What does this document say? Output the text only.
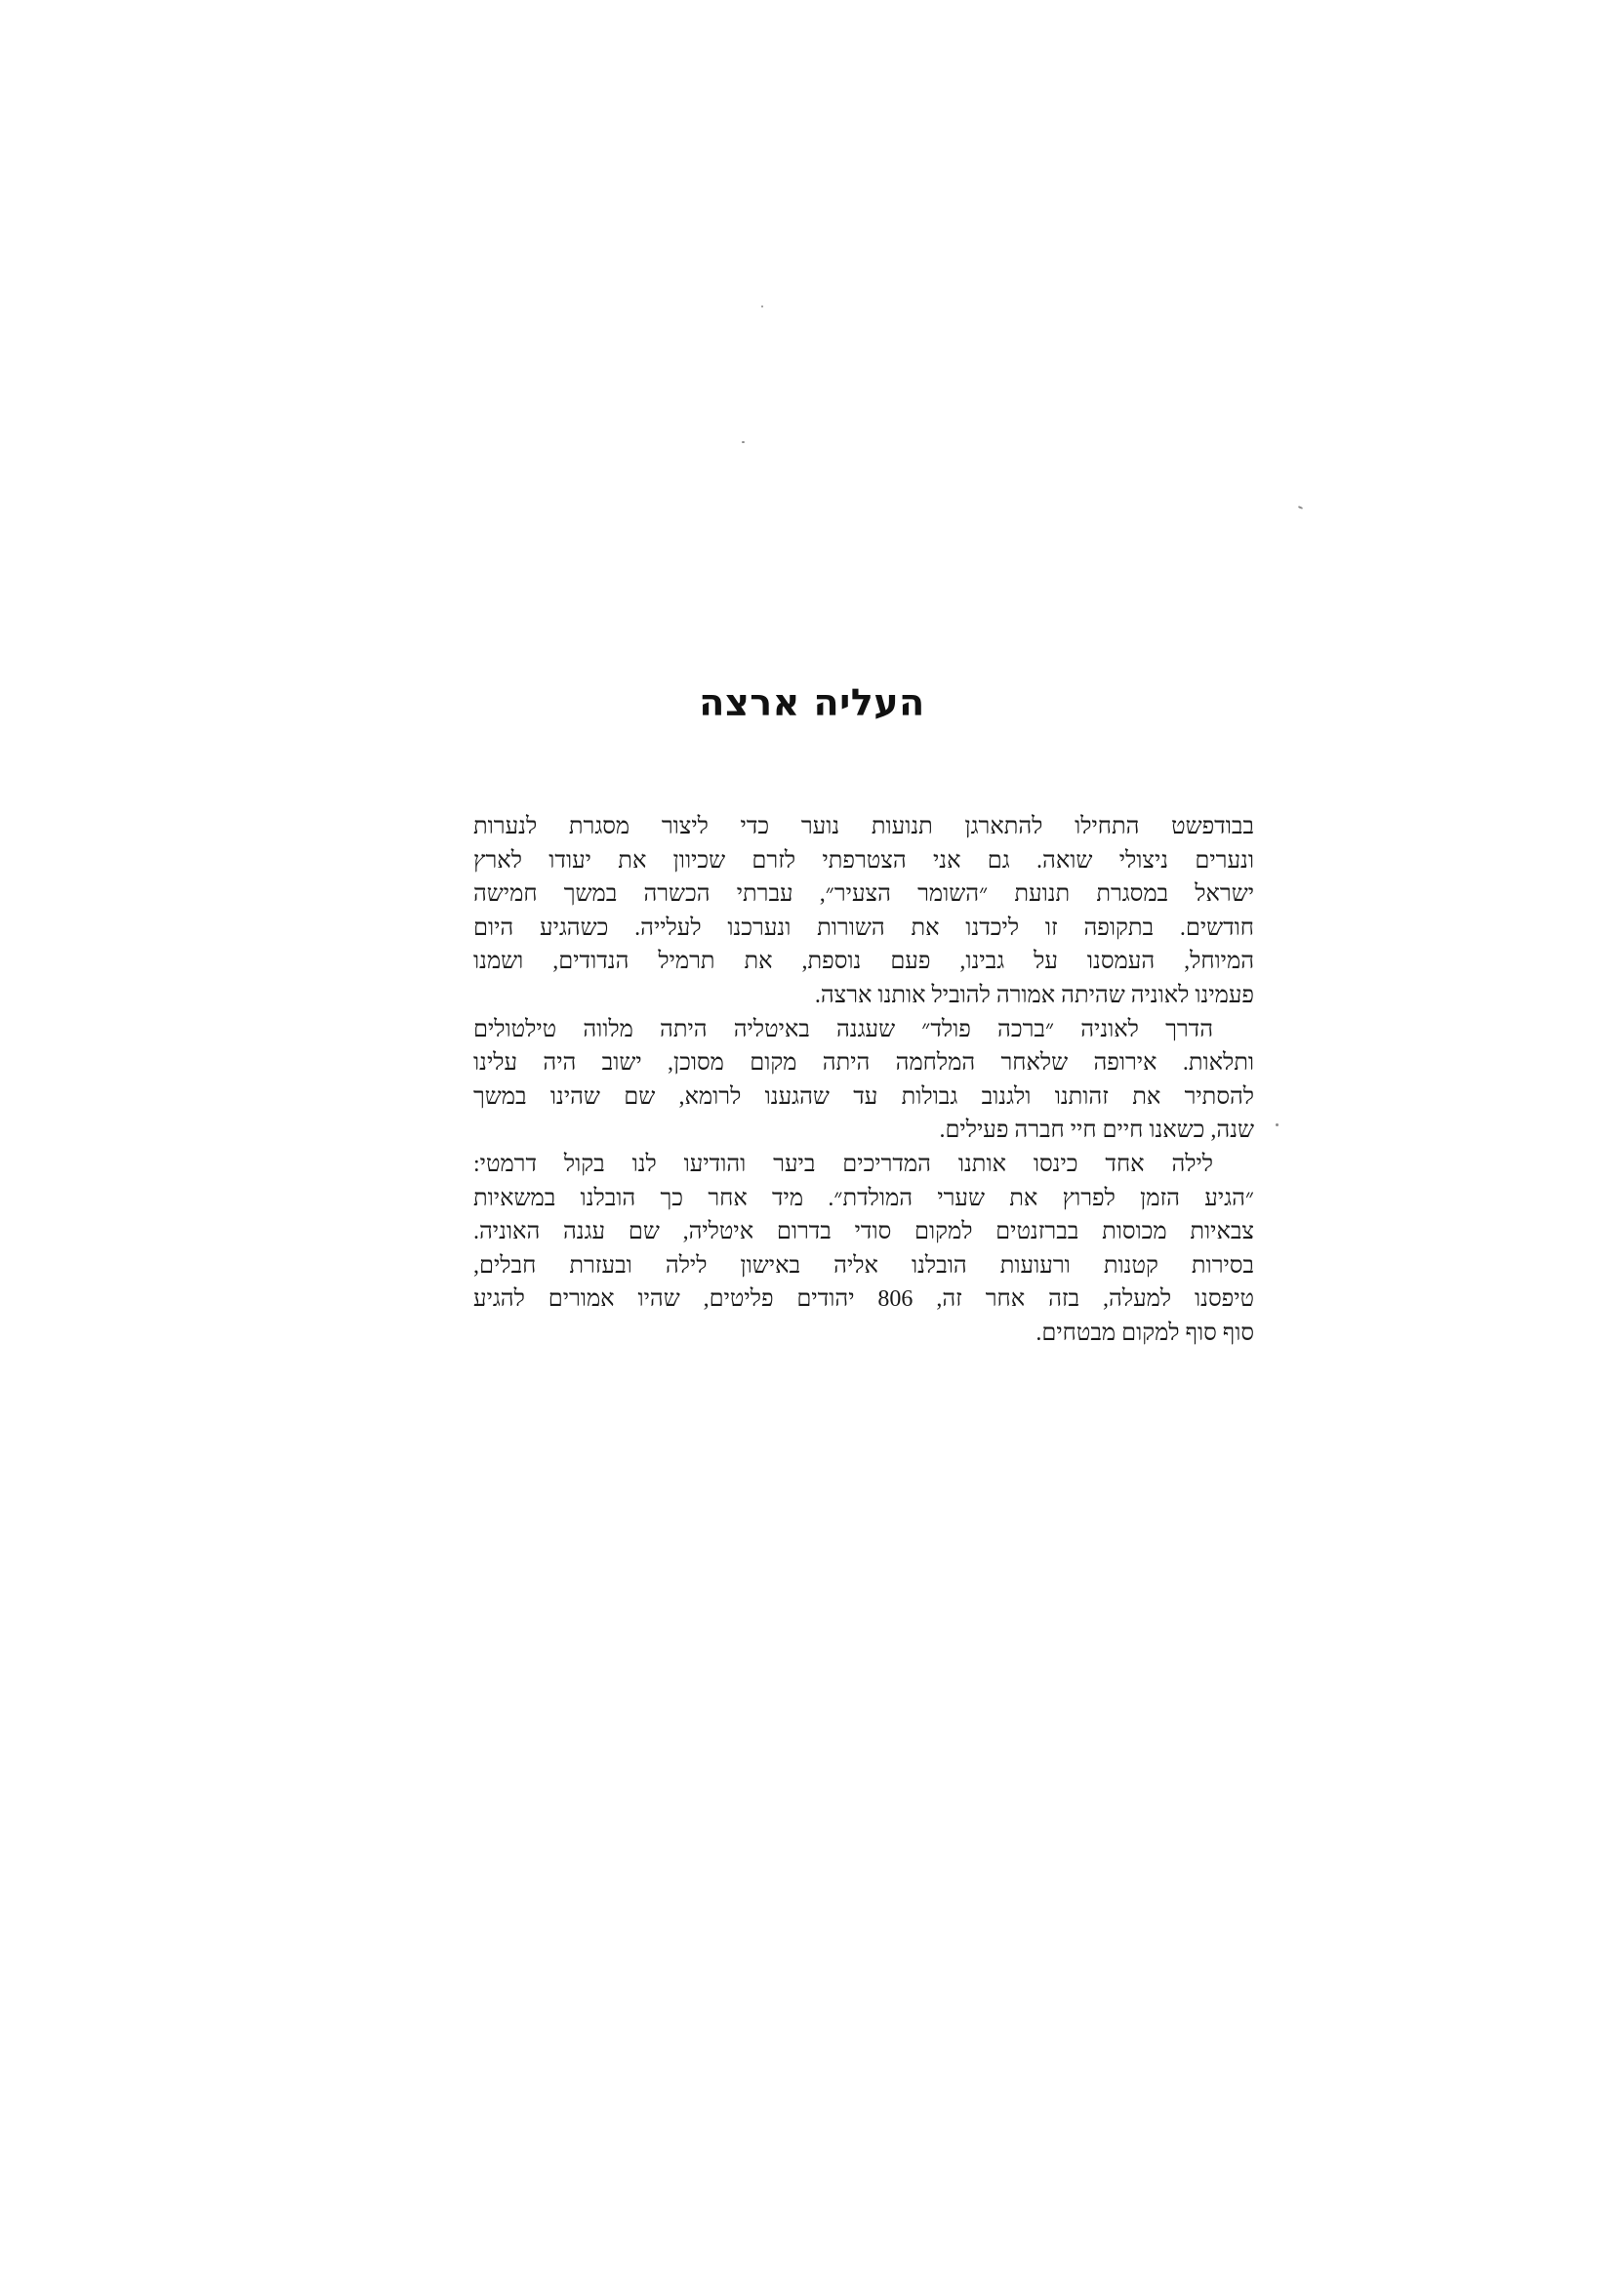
העליה ארצה

בבודפשט התחילו להתארגן תנועות נוער כדי ליצור מסגרת לנערות
ונערים ניצולי שואה. גם אני הצטרפתי לזרם שכיוון את יעודו לארץ
ישראל במסגרת תנועת ״השומר הצעיר״, עברתי הכשרה במשך חמישה
חודשים. בתקופה זו ליכדנו את השורות ונערכנו לעלייה. כשהגיע היום
המיוחל, העמסנו על גבינו, פעם נוספת, את תרמיל הנדודים, ושמנו
פעמינו לאוניה שהיתה אמורה להוביל אותנו ארצה.

הדרך לאוניה ״ברכה פולד״ שעגנה באיטליה היתה מלווה טילטולים
ותלאות. אירופה שלאחר המלחמה היתה מקום מסוכן, ישוב היה עלינו
להסתיר את זהותנו ולגנוב גבולות עד שהגענו לרומא, שם שהינו במשך
שנה, כשאנו חיים חיי חברה פעילים.

לילה אחד כינסו אותנו המדריכים ביער והודיעו לנו בקול דרמטי:
״הגיע הזמן לפרוץ את שערי המולדת״. מיד אחר כך הובלנו במשאיות
צבאיות מכוסות בברזנטים למקום סודי בדרום איטליה, שם עגנה האוניה.
בסירות קטנות ורעועות הובלנו אליה באישון לילה ובעזרת חבלים,
טיפסנו למעלה, בזה אחר זה, 806 יהודים פליטים, שהיו אמורים להגיע
סוף סוף למקום מבטחים.
